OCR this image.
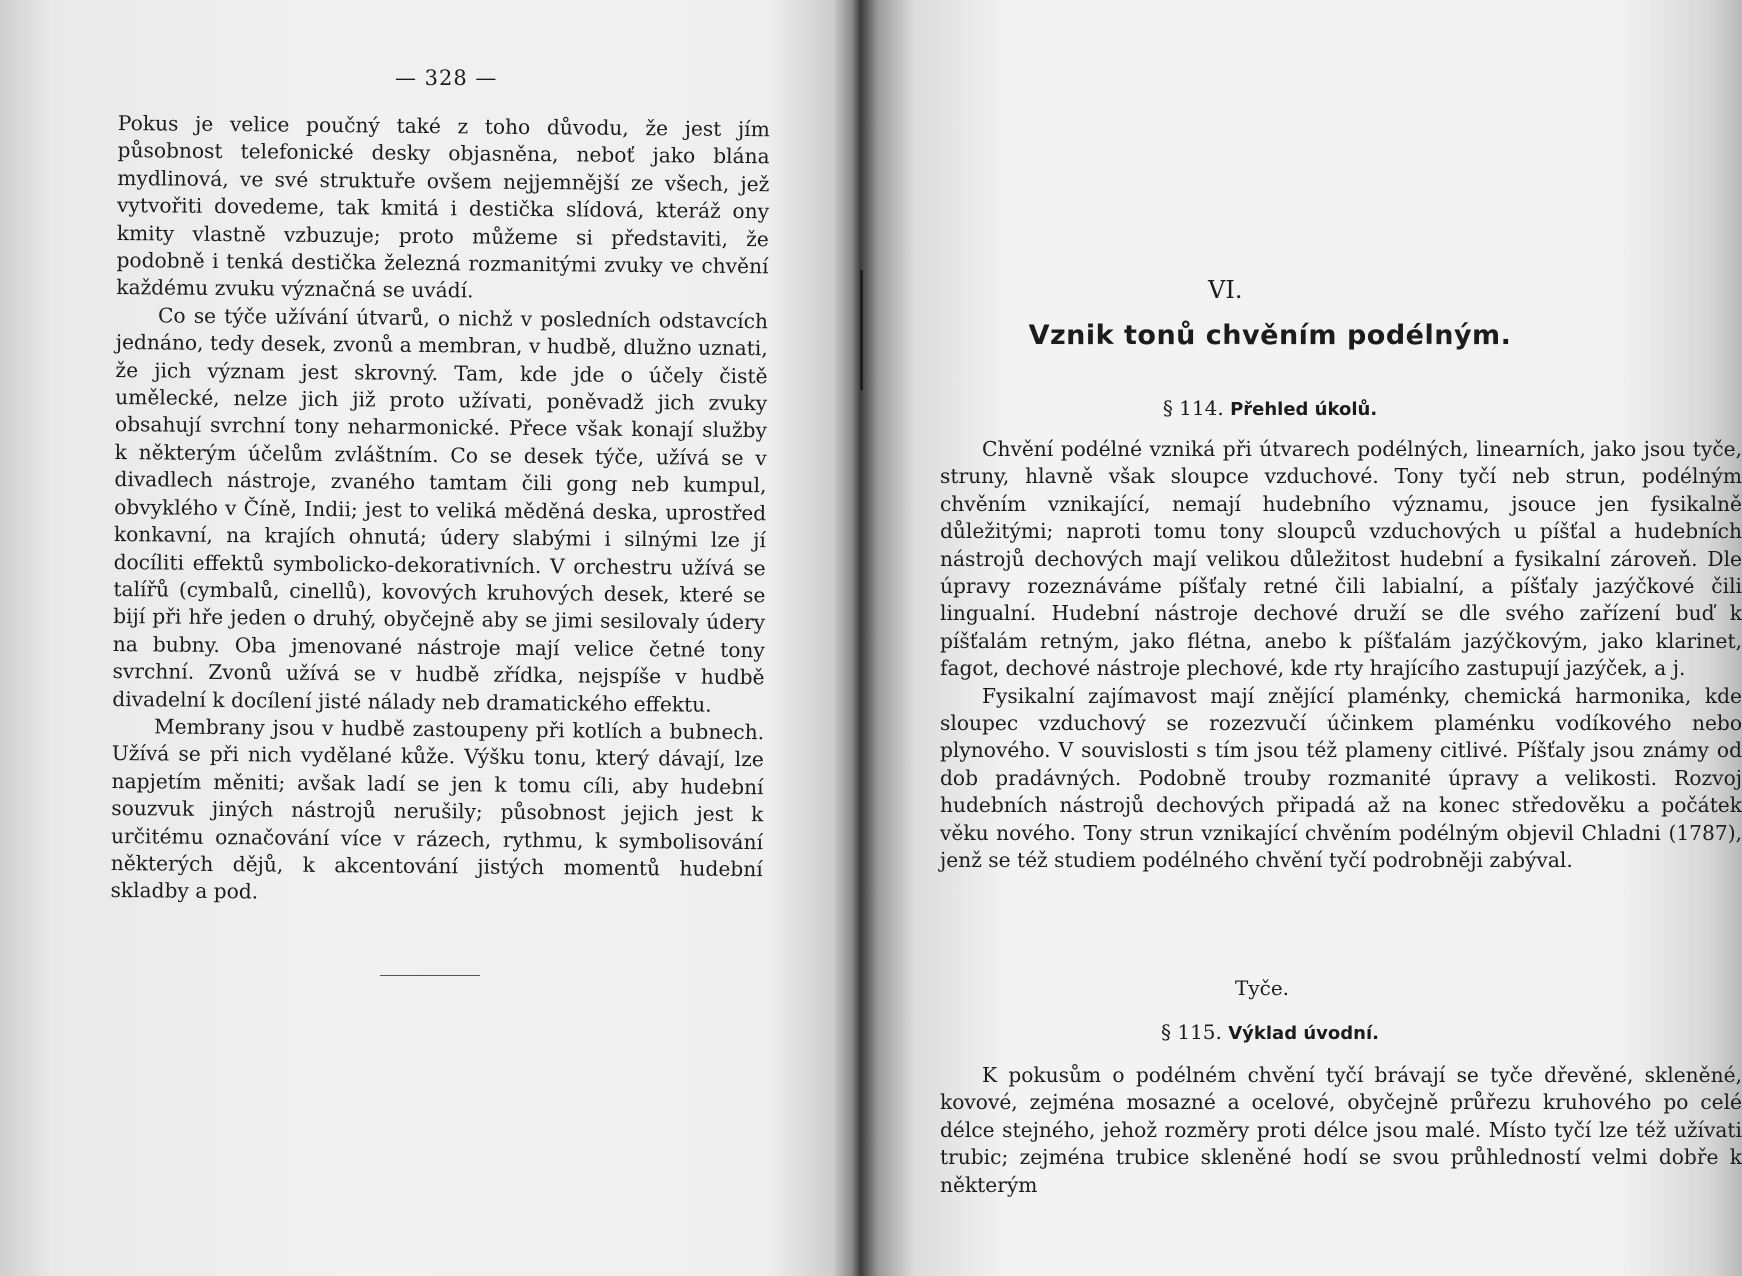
— 328 —

Pokus je velice poučný také z toho důvodu, že jest jím působnost telefonické desky objasněna, neboť jako blána mydlinová, ve své struktuře ovšem nejjemnější ze všech, jež vytvořiti dovedeme, tak kmitá i destička slídová, kteráž ony kmity vlastně vzbuzuje; proto můžeme si představiti, že podobně i tenká destička železná rozmanitými zvuky ve chvění každému zvuku význačná se uvádí.

Co se týče užívání útvarů, o nichž v posledních odstavcích jednáno, tedy desek, zvonů a membran, v hudbě, dlužno uznati, že jich význam jest skrovný. Tam, kde jde o účely čistě umělecké, nelze jich již proto užívati, poněvadž jich zvuky obsahují svrchní tony neharmonické. Přece však konají služby k některým účelům zvláštním. Co se desek týče, užívá se v divadlech nástroje, zvaného tamtam čili gong neb kumpul, obvyklého v Číně, Indii; jest to veliká měděná deska, uprostřed konkavní, na krajích ohnutá; údery slabými i silnými lze jí docíliti effektů symbolicko-dekorativních. V orchestru užívá se talířů (cymbalů, cinellů), kovových kruhových desek, které se bijí při hře jeden o druhý, obyčejně aby se jimi sesilovaly údery na bubny. Oba jmenované nástroje mají velice četné tony svrchní. Zvonů užívá se v hudbě zřídka, nejspíše v hudbě divadelní k docílení jisté nálady neb dramatického effektu.

Membrany jsou v hudbě zastoupeny při kotlích a bubnech. Užívá se při nich vydělané kůže. Výšku tonu, který dávají, lze napjetím měniti; avšak ladí se jen k tomu cíli, aby hudební souzvuk jiných nástrojů nerušily; působnost jejich jest k určitému označování více v rázech, rythmu, k symbolisování některých dějů, k akcentování jistých momentů hudební skladby a pod.

VI.
Vznik tonů chvěním podélným.
§ 114. Přehled úkolů.

Chvění podélné vzniká při útvarech podélných, linearních, jako jsou tyče, struny, hlavně však sloupce vzduchové. Tony tyčí neb strun, podélným chvěním vznikající, nemají hudebního významu, jsouce jen fysikalně důležitými; naproti tomu tony sloupců vzduchových u píšťal a hudebních nástrojů dechových mají velikou důležitost hudební a fysikalní zároveň. Dle úpravy rozeznáváme píšťaly retné čili labialní, a píšťaly jazýčkové čili lingualní. Hudební nástroje dechové druží se dle svého zařízení buď k píšťalám retným, jako flétna, anebo k píšťalám jazýčkovým, jako klarinet, fagot, dechové nástroje plechové, kde rty hrajícího zastupují jazýček, a j.

Fysikalní zajímavost mají znějící plaménky, chemická harmonika, kde sloupec vzduchový se rozezvučí účinkem plaménku vodíkového nebo plynového. V souvislosti s tím jsou též plameny citlivé. Píšťaly jsou známy od dob pradávných. Podobně trouby rozmanité úpravy a velikosti. Rozvoj hudebních nástrojů dechových připadá až na konec středověku a počátek věku nového. Tony strun vznikající chvěním podélným objevil Chladni (1787), jenž se též studiem podélného chvění tyčí podrobněji zabýval.

Tyče.
§ 115. Výklad úvodní.

K pokusům o podélném chvění tyčí brávají se tyče dřevěné, skleněné, kovové, zejména mosazné a ocelové, obyčejně průřezu kruhového po celé délce stejného, jehož rozměry proti délce jsou malé. Místo tyčí lze též užívati trubic; zejména trubice skleněné hodí se svou průhledností velmi dobře k některým
